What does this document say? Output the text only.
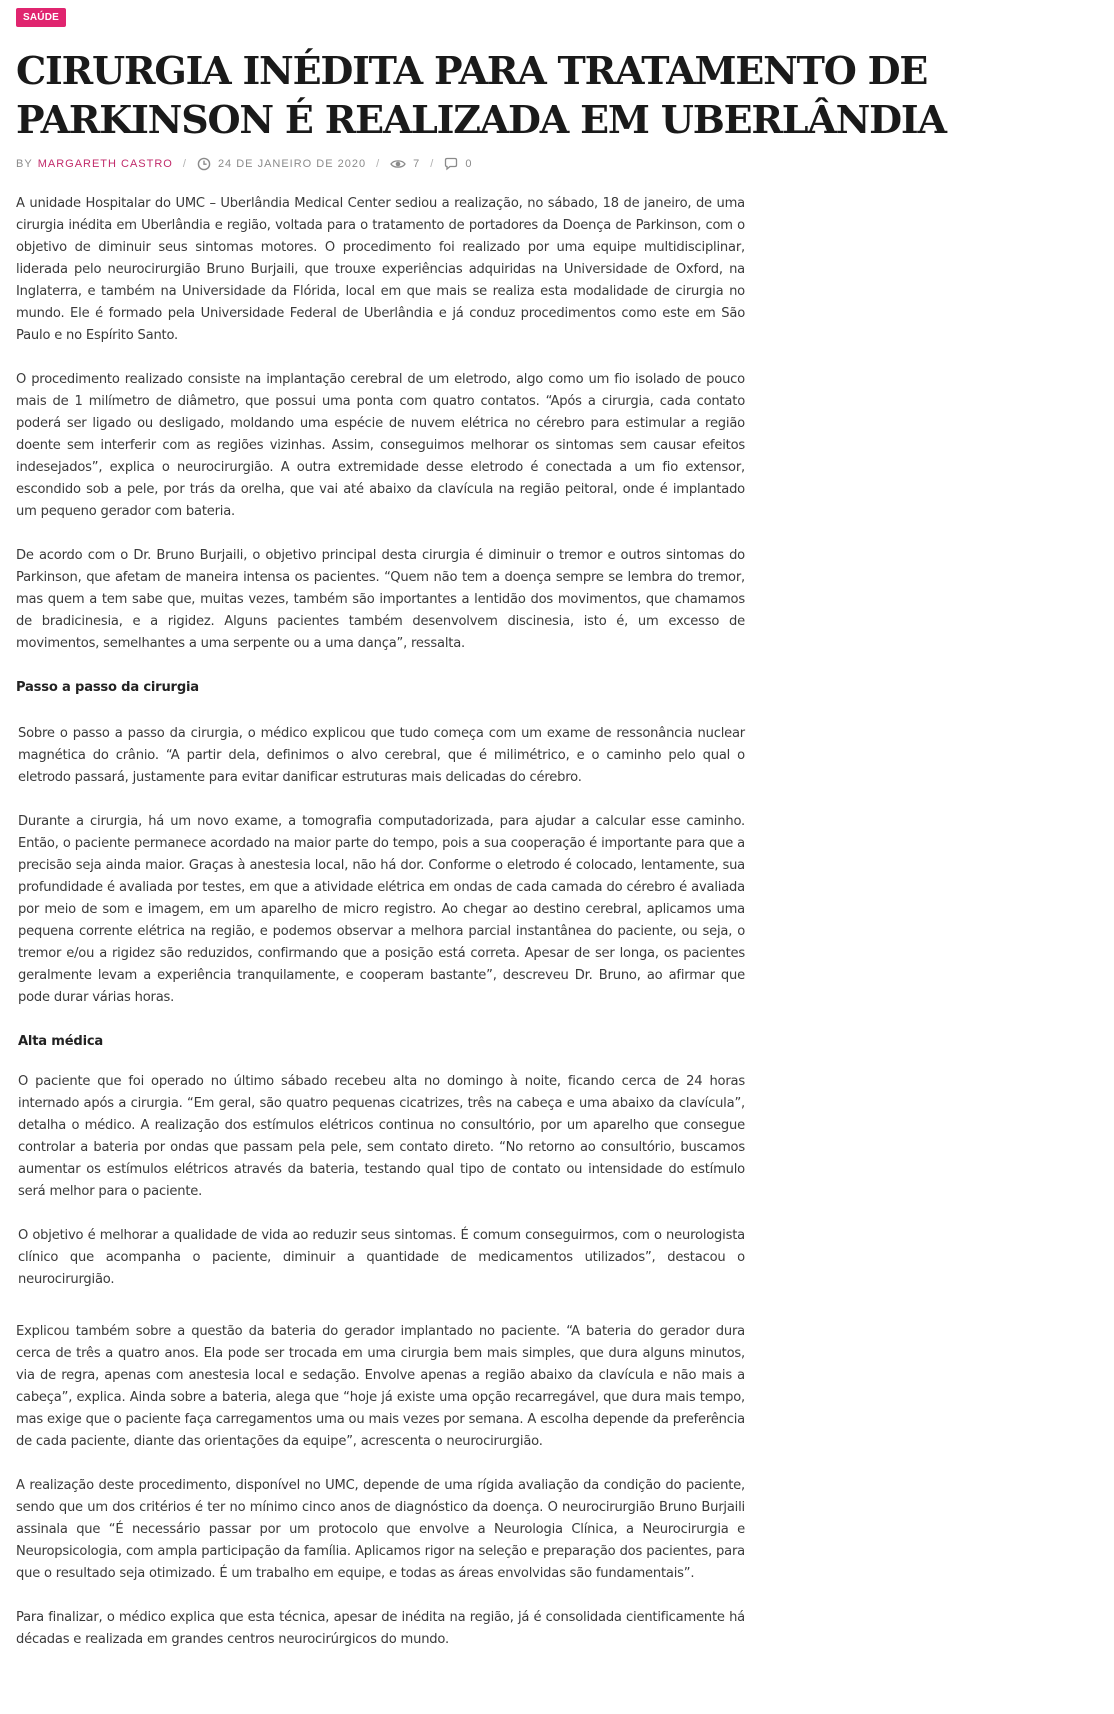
SAÚDE
CIRURGIA INÉDITA PARA TRATAMENTO DE PARKINSON É REALIZADA EM UBERLÂNDIA
BY MARGARETH CASTRO /	24 DE JANEIRO DE 2020 /	7 /	0

A unidade Hospitalar do UMC – Uberlândia Medical Center sediou a realização, no sábado, 18 de janeiro, de uma cirurgia inédita em Uberlândia e região, voltada para o tratamento de portadores da Doença de Parkinson, com o objetivo de diminuir seus sintomas motores. O procedimento foi realizado por uma equipe multidisciplinar, liderada pelo neurocirurgião Bruno Burjaili, que trouxe experiências adquiridas na Universidade de Oxford, na Inglaterra, e também na Universidade da Flórida, local em que mais se realiza esta modalidade de cirurgia no mundo. Ele é formado pela Universidade Federal de Uberlândia e já conduz procedimentos como este em São Paulo e no Espírito Santo.

O procedimento realizado consiste na implantação cerebral de um eletrodo, algo como um fio isolado de pouco mais de 1 milímetro de diâmetro, que possui uma ponta com quatro contatos. “Após a cirurgia, cada contato poderá ser ligado ou desligado, moldando uma espécie de nuvem elétrica no cérebro para estimular a região doente sem interferir com as regiões vizinhas. Assim, conseguimos melhorar os sintomas sem causar efeitos indesejados”, explica o neurocirurgião. A outra extremidade desse eletrodo é conectada a um fio extensor, escondido sob a pele, por trás da orelha, que vai até abaixo da clavícula na região peitoral, onde é implantado um pequeno gerador com bateria.

De acordo com o Dr. Bruno Burjaili, o objetivo principal desta cirurgia é diminuir o tremor e outros sintomas do Parkinson, que afetam de maneira intensa os pacientes. “Quem não tem a doença sempre se lembra do tremor, mas quem a tem sabe que, muitas vezes, também são importantes a lentidão dos movimentos, que chamamos de bradicinesia, e a rigidez. Alguns pacientes também desenvolvem discinesia, isto é, um excesso de movimentos, semelhantes a uma serpente ou a uma dança”, ressalta.

Passo a passo da cirurgia

Sobre o passo a passo da cirurgia, o médico explicou que tudo começa com um exame de ressonância nuclear magnética do crânio. “A partir dela, definimos o alvo cerebral, que é milimétrico, e o caminho pelo qual o eletrodo passará, justamente para evitar danificar estruturas mais delicadas do cérebro.

Durante a cirurgia, há um novo exame, a tomografia computadorizada, para ajudar a calcular esse caminho. Então, o paciente permanece acordado na maior parte do tempo, pois a sua cooperação é importante para que a precisão seja ainda maior. Graças à anestesia local, não há dor. Conforme o eletrodo é colocado, lentamente, sua profundidade é avaliada por testes, em que a atividade elétrica em ondas de cada camada do cérebro é avaliada por meio de som e imagem, em um aparelho de micro registro. Ao chegar ao destino cerebral, aplicamos uma pequena corrente elétrica na região, e podemos observar a melhora parcial instantânea do paciente, ou seja, o tremor e/ou a rigidez são reduzidos, confirmando que a posição está correta. Apesar de ser longa, os pacientes geralmente levam a experiência tranquilamente, e cooperam bastante”, descreveu Dr. Bruno, ao afirmar que pode durar várias horas.

Alta médica

O paciente que foi operado no último sábado recebeu alta no domingo à noite, ficando cerca de 24 horas internado após a cirurgia. “Em geral, são quatro pequenas cicatrizes, três na cabeça e uma abaixo da clavícula”, detalha o médico. A realização dos estímulos elétricos continua no consultório, por um aparelho que consegue controlar a bateria por ondas que passam pela pele, sem contato direto. “No retorno ao consultório, buscamos aumentar os estímulos elétricos através da bateria, testando qual tipo de contato ou intensidade do estímulo será melhor para o paciente.

O objetivo é melhorar a qualidade de vida ao reduzir seus sintomas. É comum conseguirmos, com o neurologista clínico que acompanha o paciente, diminuir a quantidade de medicamentos utilizados”, destacou o neurocirurgião.

Explicou também sobre a questão da bateria do gerador implantado no paciente. “A bateria do gerador dura cerca de três a quatro anos. Ela pode ser trocada em uma cirurgia bem mais simples, que dura alguns minutos, via de regra, apenas com anestesia local e sedação. Envolve apenas a região abaixo da clavícula e não mais a cabeça”, explica. Ainda sobre a bateria, alega que “hoje já existe uma opção recarregável, que dura mais tempo, mas exige que o paciente faça carregamentos uma ou mais vezes por semana. A escolha depende da preferência de cada paciente, diante das orientações da equipe”, acrescenta o neurocirurgião.

A realização deste procedimento, disponível no UMC, depende de uma rígida avaliação da condição do paciente, sendo que um dos critérios é ter no mínimo cinco anos de diagnóstico da doença. O neurocirurgião Bruno Burjaili assinala que “É necessário passar por um protocolo que envolve a Neurologia Clínica, a Neurocirurgia e Neuropsicologia, com ampla participação da família. Aplicamos rigor na seleção e preparação dos pacientes, para que o resultado seja otimizado. É um trabalho em equipe, e todas as áreas envolvidas são fundamentais”.

Para finalizar, o médico explica que esta técnica, apesar de inédita na região, já é consolidada cientificamente há décadas e realizada em grandes centros neurocirúrgicos do mundo.
